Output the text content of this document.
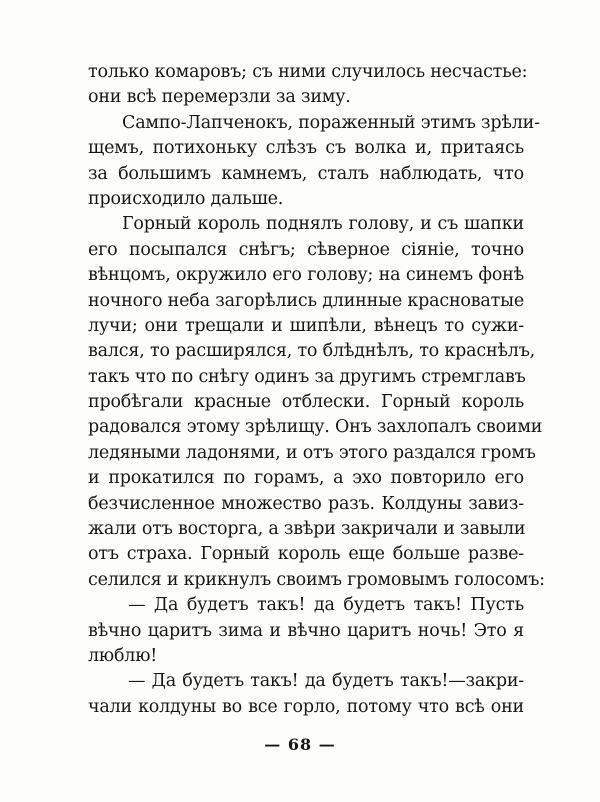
только комаровъ; съ ними случилось несчастье:
они всѣ перемерзли за зиму.
Сампо-Лапченокъ, пораженный этимъ зрѣли-
щемъ, потихоньку слѣзъ съ волка и, притаясь
за большимъ камнемъ, сталъ наблюдать, что
происходило дальше.
Горный король поднялъ голову, и съ шапки
его посыпался снѣгъ; сѣверное сіяніе, точно
вѣнцомъ, окружило его голову; на синемъ фонѣ
ночного неба загорѣлись длинные красноватые
лучи; они трещали и шипѣли, вѣнецъ то сужи-
вался, то расширялся, то блѣднѣлъ, то краснѣлъ,
такъ что по снѣгу одинъ за другимъ стремглавъ
пробѣгали красные отблески. Горный король
радовался этому зрѣлищу. Онъ захлопалъ своими
ледяными ладонями, и отъ этого раздался громъ
и прокатился по горамъ, а эхо повторило его
безчисленное множество разъ. Колдуны завиз-
жали отъ восторга, а звѣри закричали и завыли
отъ страха. Горный король еще больше разве-
селился и крикнулъ своимъ громовымъ голосомъ:
— Да будетъ такъ! да будетъ такъ! Пусть
вѣчно царитъ зима и вѣчно царитъ ночь! Это я
люблю!
— Да будетъ такъ! да будетъ такъ!—закри-
чали колдуны во все горло, потому что всѣ они
— 68 —
